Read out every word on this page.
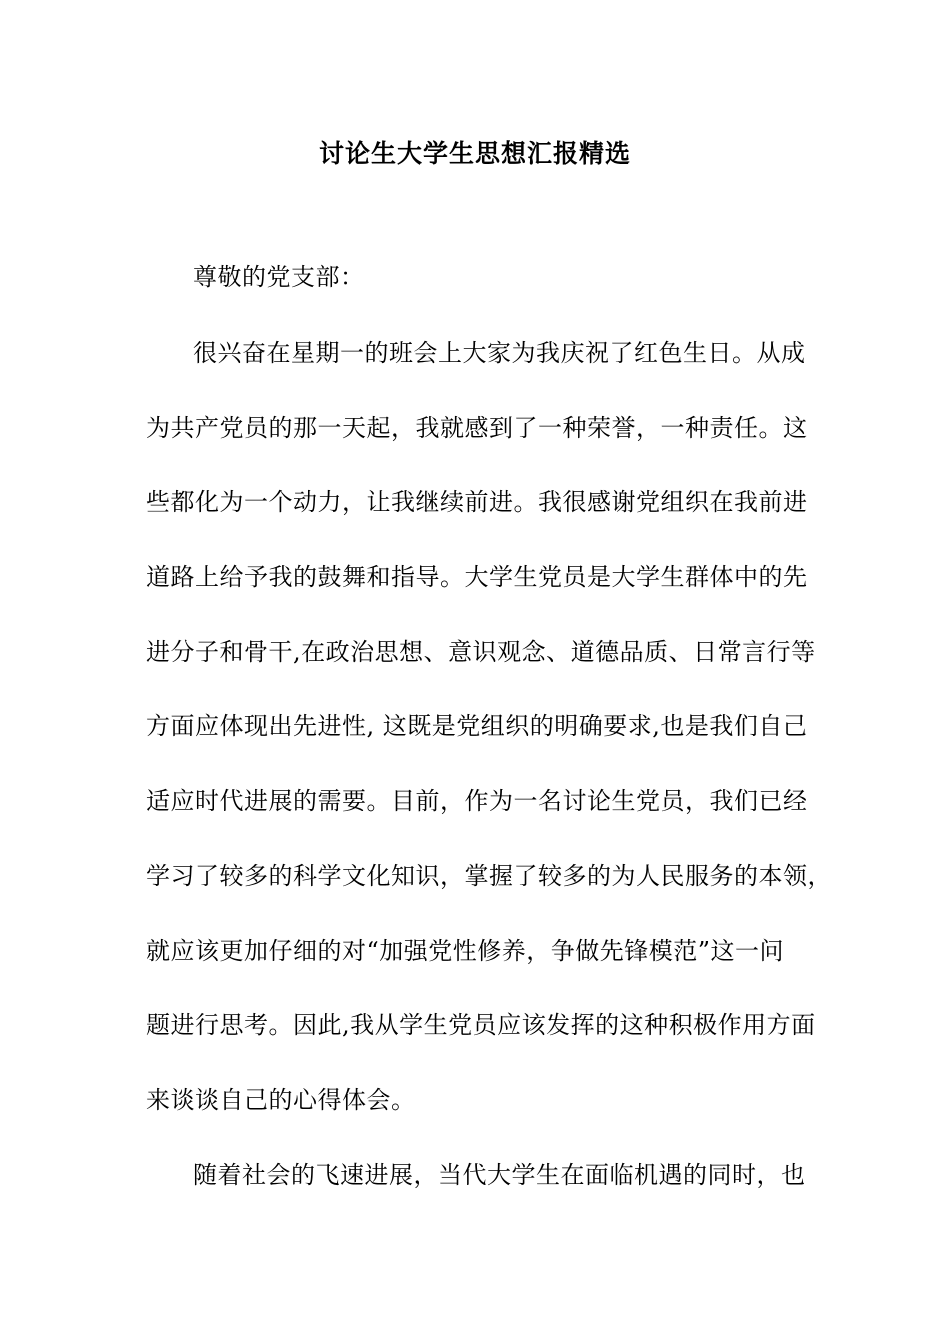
讨论生大学生思想汇报精选
尊敬的党支部：
很兴奋在星期一的班会上大家为我庆祝了红色生日。从成
为共产党员的那一天起，我就感到了一种荣誉，一种责任。这
些都化为一个动力，让我继续前进。我很感谢党组织在我前进
道路上给予我的鼓舞和指导。大学生党员是大学生群体中的先
进分子和骨干,在政治思想、意识观念、道德品质、日常言行等
方面应体现出先进性, 这既是党组织的明确要求,也是我们自己
适应时代进展的需要。目前，作为一名讨论生党员，我们已经
学习了较多的科学文化知识，掌握了较多的为人民服务的本领，
就应该更加仔细的对“加强党性修养，争做先锋模范”这一问
题进行思考。因此,我从学生党员应该发挥的这种积极作用方面
来谈谈自己的心得体会。
随着社会的飞速进展，当代大学生在面临机遇的同时，也
